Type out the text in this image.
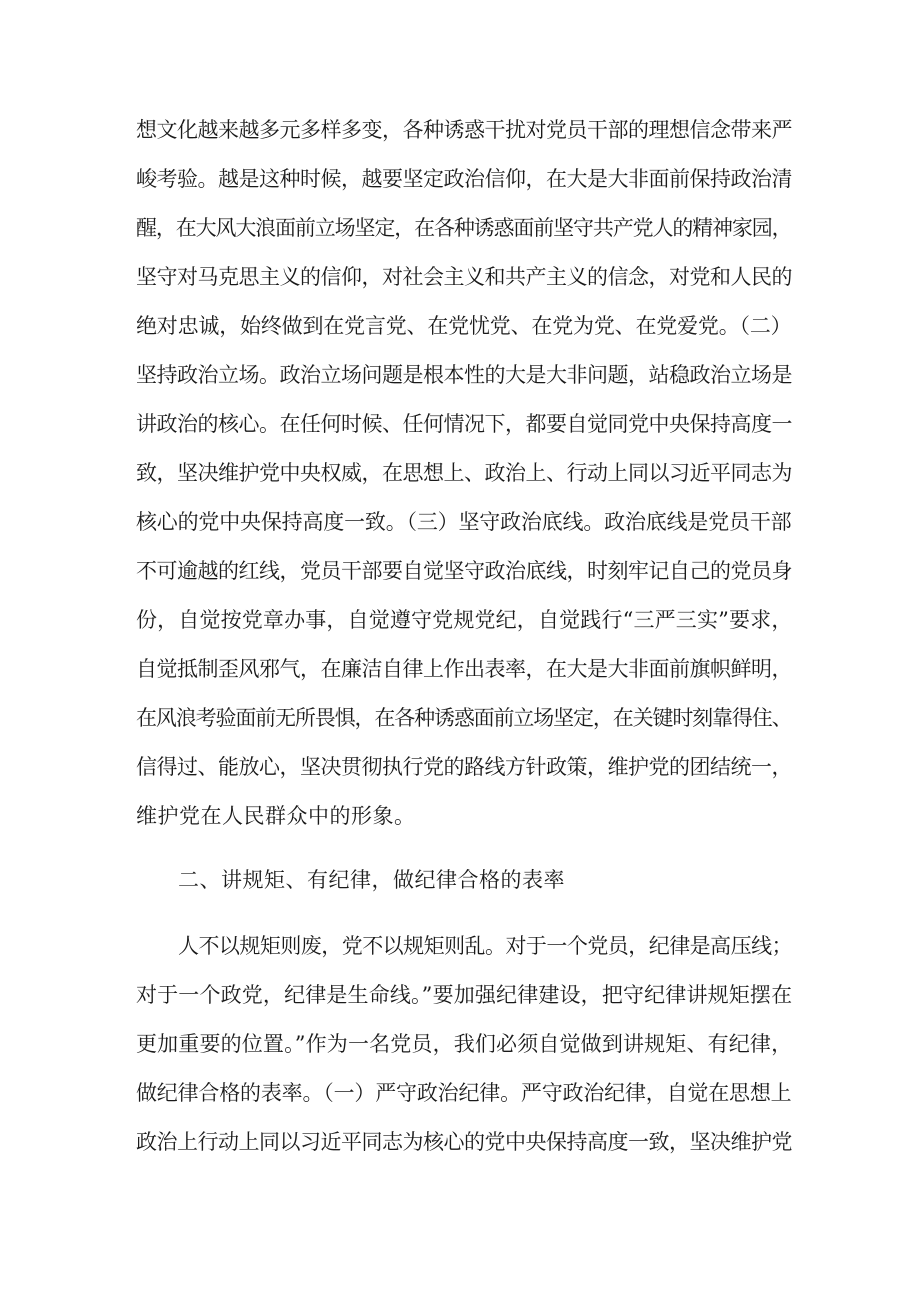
想文化越来越多元多样多变，各种诱惑干扰对党员干部的理想信念带来严
峻考验。越是这种时候，越要坚定政治信仰，在大是大非面前保持政治清
醒，在大风大浪面前立场坚定，在各种诱惑面前坚守共产党人的精神家园，
坚守对马克思主义的信仰，对社会主义和共产主义的信念，对党和人民的
绝对忠诚，始终做到在党言党、在党忧党、在党为党、在党爱党。（二）
坚持政治立场。政治立场问题是根本性的大是大非问题，站稳政治立场是
讲政治的核心。在任何时候、任何情况下，都要自觉同党中央保持高度一
致，坚决维护党中央权威，在思想上、政治上、行动上同以习近平同志为
核心的党中央保持高度一致。（三）坚守政治底线。政治底线是党员干部
不可逾越的红线，党员干部要自觉坚守政治底线，时刻牢记自己的党员身
份，自觉按党章办事，自觉遵守党规党纪，自觉践行“三严三实”要求，
自觉抵制歪风邪气，在廉洁自律上作出表率，在大是大非面前旗帜鲜明，
在风浪考验面前无所畏惧，在各种诱惑面前立场坚定，在关键时刻靠得住、
信得过、能放心，坚决贯彻执行党的路线方针政策，维护党的团结统一，
维护党在人民群众中的形象。
二、讲规矩、有纪律，做纪律合格的表率
人不以规矩则废，党不以规矩则乱。对于一个党员，纪律是高压线；
对于一个政党，纪律是生命线。”要加强纪律建设，把守纪律讲规矩摆在
更加重要的位置。”作为一名党员，我们必须自觉做到讲规矩、有纪律，
做纪律合格的表率。（一）严守政治纪律。严守政治纪律，自觉在思想上
政治上行动上同以习近平同志为核心的党中央保持高度一致，坚决维护党
